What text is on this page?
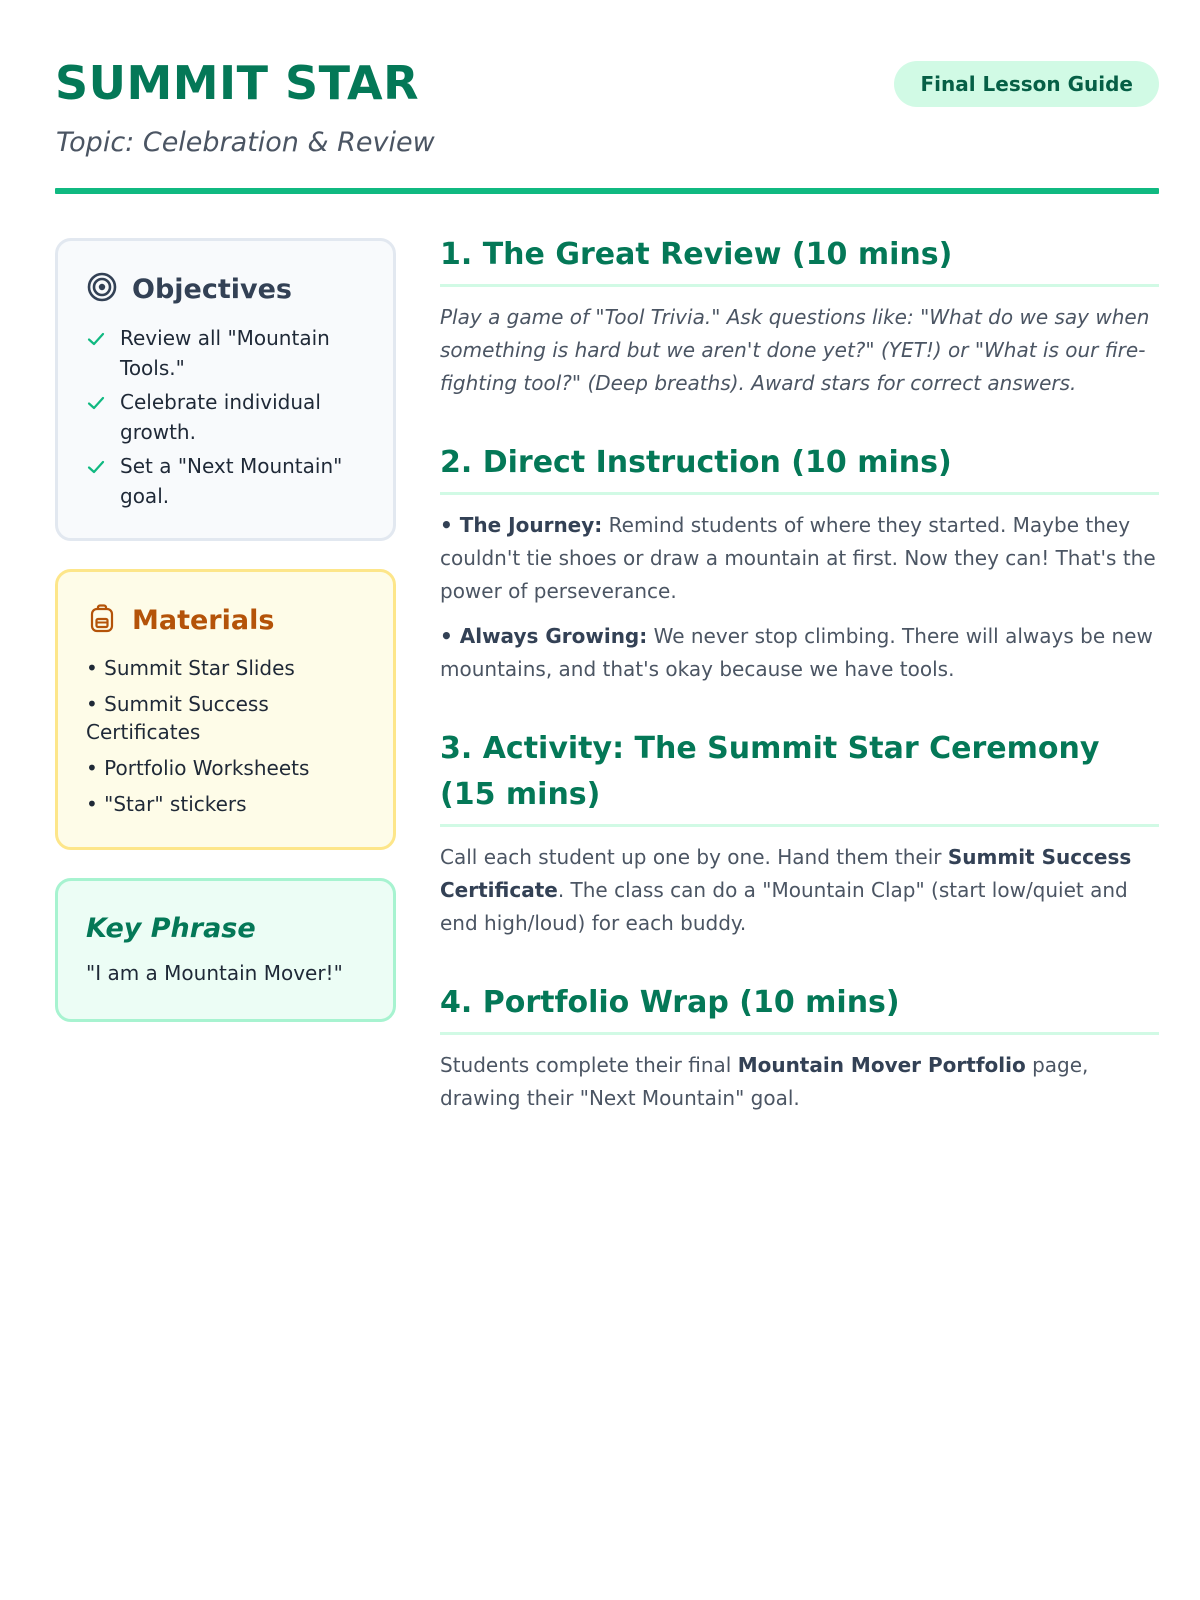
SUMMIT STAR

Topic: Celebration & Review

Final Lesson Guide
Objectives
Review all "Mountain Tools."
Celebrate individual growth.
Set a "Next Mountain" goal.
Materials
• Summit Star Slides
• Summit Success Certificates
• Portfolio Worksheets
• "Star" stickers
Key Phrase
"I am a Mountain Mover!"
1. The Great Review (10 mins)

Play a game of "Tool Trivia." Ask questions like: "What do we say when something is hard but we aren't done yet?" (YET!) or "What is our fire-fighting tool?" (Deep breaths). Award stars for correct answers.

2. Direct Instruction (10 mins)

• The Journey: Remind students of where they started. Maybe they couldn't tie shoes or draw a mountain at first. Now they can! That's the power of perseverance.

• Always Growing: We never stop climbing. There will always be new mountains, and that's okay because we have tools.

3. Activity: The Summit Star Ceremony (15 mins)

Call each student up one by one. Hand them their Summit Success Certificate. The class can do a "Mountain Clap" (start low/quiet and end high/loud) for each buddy.

4. Portfolio Wrap (10 mins)

Students complete their final Mountain Mover Portfolio page, drawing their "Next Mountain" goal.
